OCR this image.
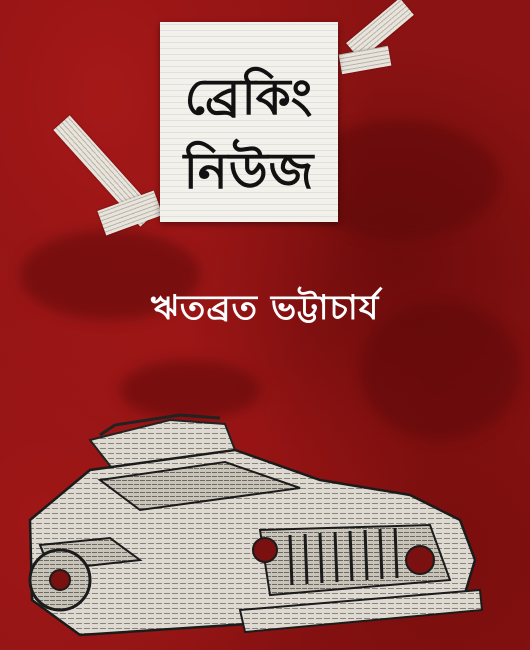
ব্রেকিং
নিউজ
ঋতব্রত ভট্টাচার্য
